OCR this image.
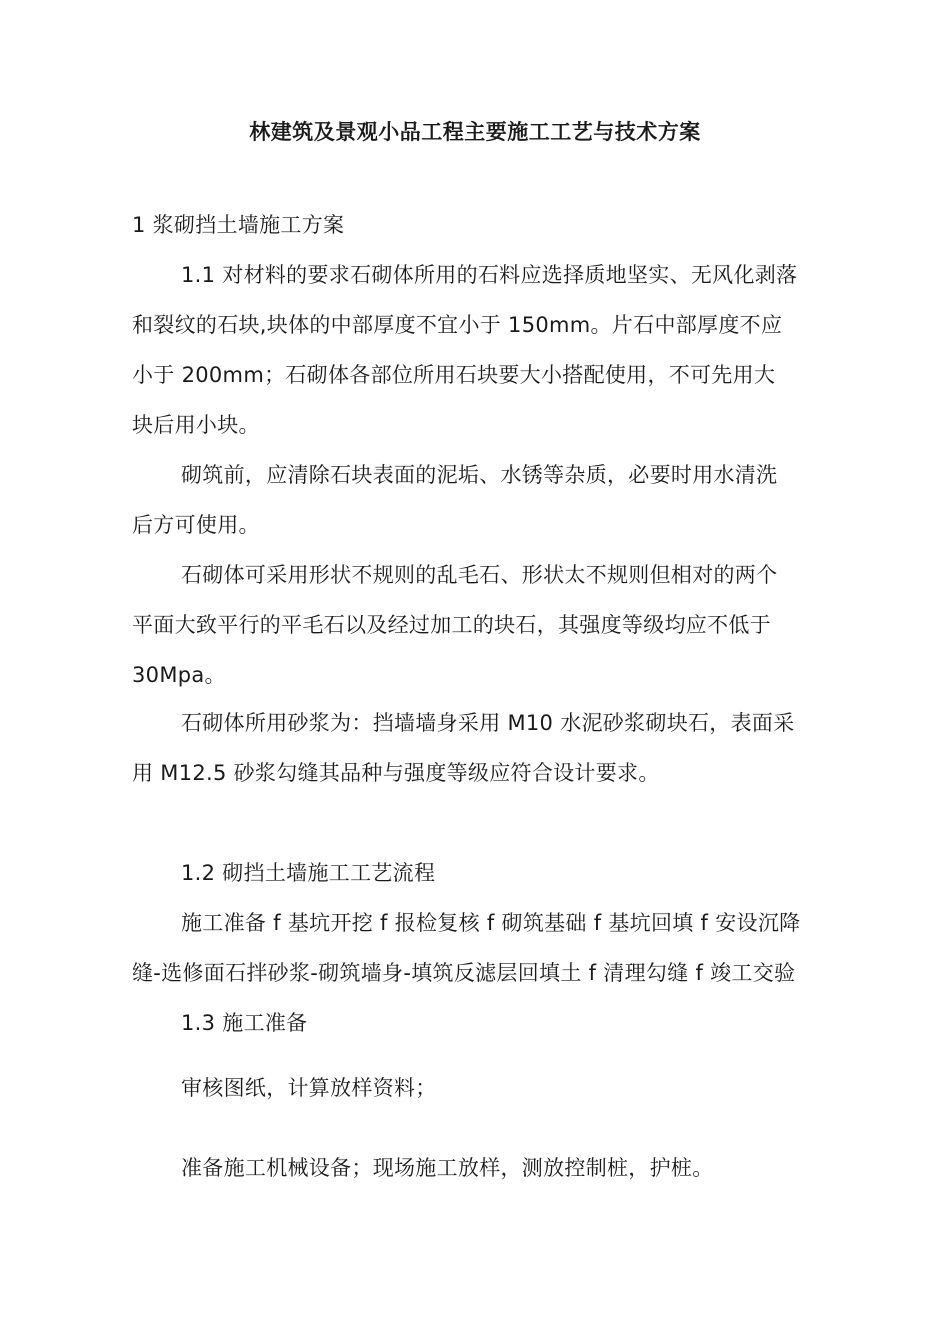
林建筑及景观小品工程主要施工工艺与技术方案
1 浆砌挡土墙施工方案
1.1 对材料的要求石砌体所用的石料应选择质地坚实、无风化剥落
和裂纹的石块,块体的中部厚度不宜小于 150mm。片石中部厚度不应
小于 200mm；石砌体各部位所用石块要大小搭配使用，不可先用大
块后用小块。
砌筑前，应清除石块表面的泥垢、水锈等杂质，必要时用水清洗
后方可使用。
石砌体可采用形状不规则的乱毛石、形状太不规则但相对的两个
平面大致平行的平毛石以及经过加工的块石，其强度等级均应不低于
30Mpa。
石砌体所用砂浆为：挡墙墙身采用 M10 水泥砂浆砌块石，表面采
用 M12.5 砂浆勾缝其品种与强度等级应符合设计要求。
1.2 砌挡土墙施工工艺流程
施工准备 f 基坑开挖 f 报检复核 f 砌筑基础 f 基坑回填 f 安设沉降
缝-选修面石拌砂浆-砌筑墙身-填筑反滤层回填土 f 清理勾缝 f 竣工交验
1.3 施工准备
审核图纸，计算放样资料；
准备施工机械设备；现场施工放样，测放控制桩，护桩。
